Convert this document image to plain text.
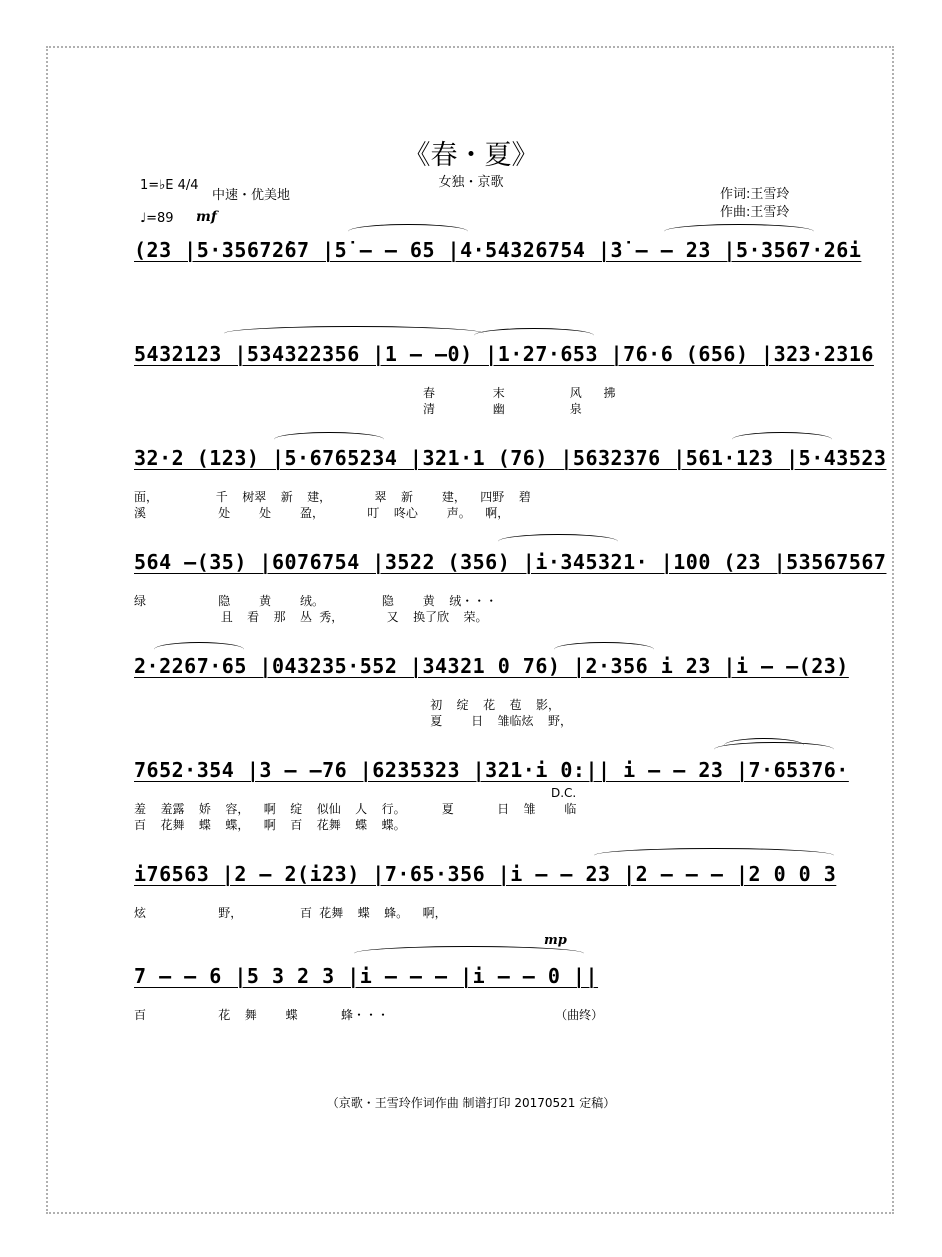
《春・夏》
女独・京歌
作词:王雪玲
作曲:王雪玲
1=♭E 4/4
中速・优美地
♩=89 mf
(23 |5·35672̇67 |5̇ – – 65 |4·54326754 |3̇ – – 23 |5·3567·26i
5432123 |534322356 |1 – –0) |1·27·653 |76·6 (656) |323·2316
春        末         风   拂
清        幽         泉
32·2 (123) |5·6765234 |321·1 (76) |5632376 |561·123 |5·43523
面，        千  树翠  新  建，      翠  新    建，  四野  碧
溪          处    处    盈，      叮  咚心    声。  啊，
564 –(35) |6076754 |3522 (356) |i·345321· |100 (23 |53567567
绿          隐    黄    绒。        隐    黄  绒・・・
且  看  那  丛 秀，      又  换了欣  荣。
2·2267·65 |043235·552 |34321 0 76) |2·356 i 23 |i – –(23)
初  绽  花  苞  影，
夏    日  雏临炫  野，
7652·354 |3 – –76 |6235323 |321·i 0:|| i – – 23 |7·65376·
羞  羞露  娇  容，  啊  绽  似仙  人  行。     夏      日  雏    临
百  花舞  蝶  蝶，  啊  百  花舞  蝶  蝶。
D.C.
i76563 |2 – 2(i23) |7·65·356 |i – – 23 |2 – – – |2 0 0 3
炫          野，        百 花舞  蝶  蜂。  啊，
7 – – 6 |5 3 2 3 |i – – – |i – – 0 ||
百          花  舞    蝶      蜂・・・                       （曲终）
mp
（京歌・王雪玲作词作曲 制谱打印 20170521 定稿）
